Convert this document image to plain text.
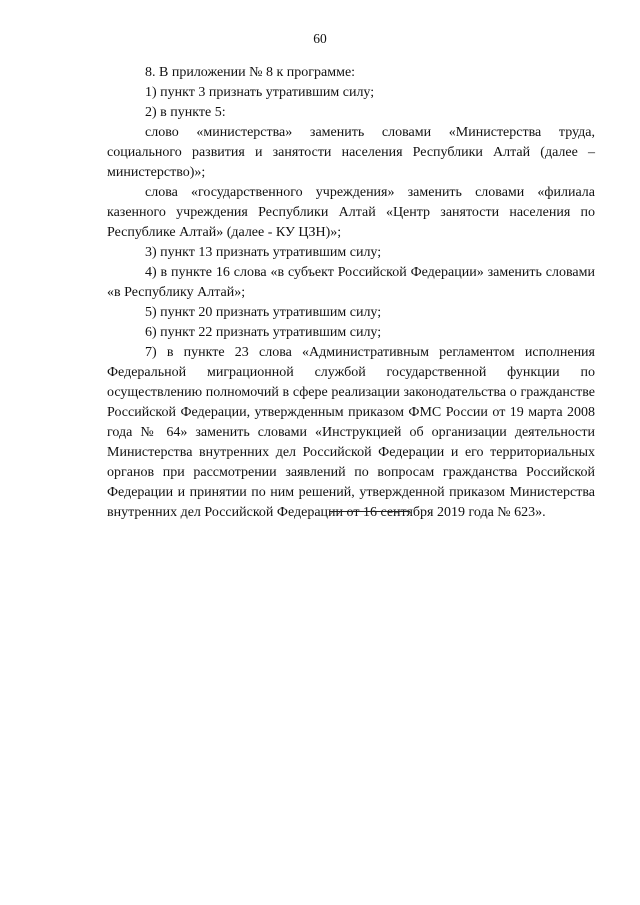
60

8. В приложении № 8 к программе:

1) пункт 3 признать утратившим силу;

2) в пункте 5:

слово «министерства» заменить словами «Министерства труда, социального развития и занятости населения Республики Алтай (далее – министерство)»;

слова «государственного учреждения» заменить словами «филиала казенного учреждения Республики Алтай «Центр занятости населения по Республике Алтай» (далее - КУ ЦЗН)»;

3) пункт 13 признать утратившим силу;

4) в пункте 16 слова «в субъект Российской Федерации» заменить словами «в Республику Алтай»;

5) пункт 20 признать утратившим силу;

6) пункт 22 признать утратившим силу;

7) в пункте 23 слова «Административным регламентом исполнения Федеральной миграционной службой государственной функции по осуществлению полномочий в сфере реализации законодательства о гражданстве Российской Федерации, утвержденным приказом ФМС России от 19 марта 2008 года № 64» заменить словами «Инструкцией об организации деятельности Министерства внутренних дел Российской Федерации и его территориальных органов при рассмотрении заявлений по вопросам гражданства Российской Федерации и принятии по ним решений, утвержденной приказом Министерства внутренних дел Российской Федерации от 16 сентября 2019 года № 623».
